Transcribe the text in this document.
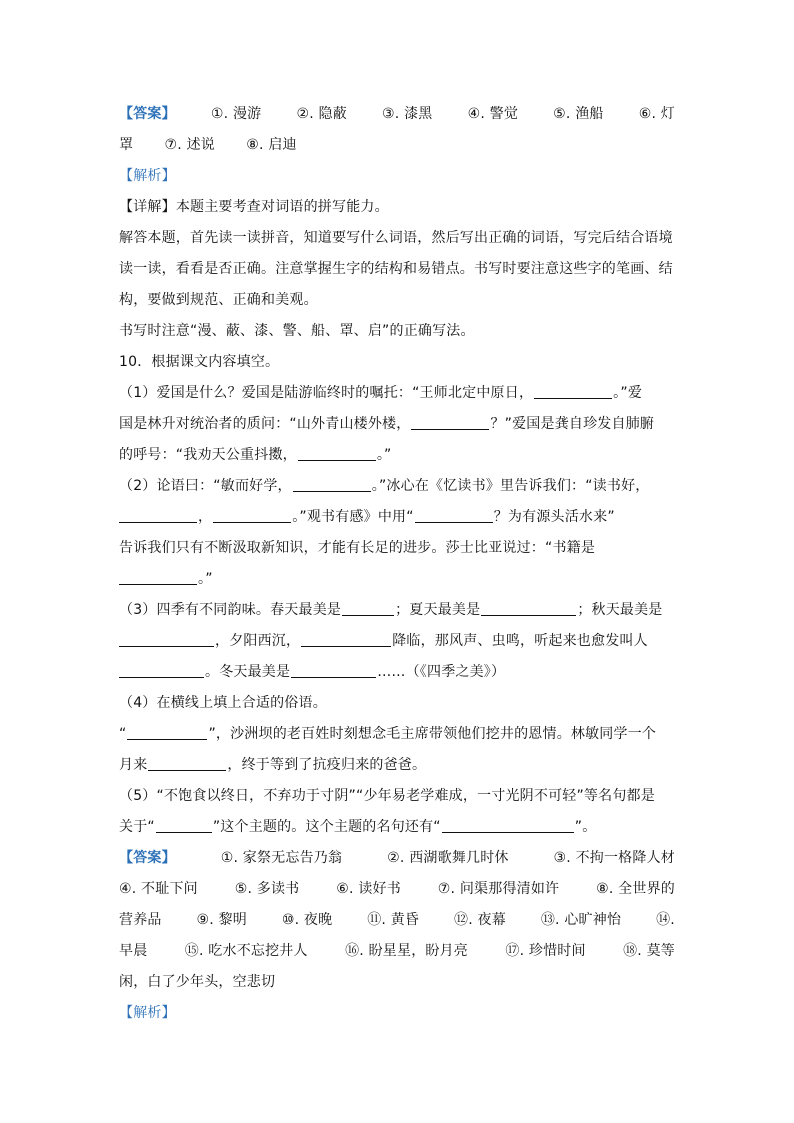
【答案】	①. 漫游	②. 隐蔽	③. 漆黑	④. 警觉	⑤. 渔船	⑥. 灯
罩 ⑦. 述说 ⑧. 启迪
【解析】
【详解】本题主要考查对词语的拼写能力。
解答本题，首先读一读拼音，知道要写什么词语，然后写出正确的词语，写完后结合语境
读一读，看看是否正确。注意掌握生字的结构和易错点。书写时要注意这些字的笔画、结
构，要做到规范、正确和美观。
书写时注意“漫、蔽、漆、警、船、罩、启”的正确写法。
10．根据课文内容填空。
（1）爱国是什么？爱国是陆游临终时的嘱托：“王师北定中原日，	。”爱
国是林升对统治者的质问：“山外青山楼外楼，	？”爱国是龚自珍发自肺腑
的呼号：“我劝天公重抖擞，	。”
（2）论语曰：“敏而好学，	。”冰心在《忆读书》里告诉我们：“读书好，
，	。”观书有感》中用“	？为有源头活水来”
告诉我们只有不断汲取新知识，才能有长足的进步。莎士比亚说过：“书籍是
。”
（3）四季有不同韵味。春天最美是	；夏天最美是	；秋天最美是
，夕阳西沉，	降临，那风声、虫鸣，听起来也愈发叫人
。冬天最美是	……（《四季之美》）
（4）在横线上填上合适的俗语。
“	”，沙洲坝的老百姓时刻想念毛主席带领他们挖井的恩情。林敏同学一个
月来	，终于等到了抗疫归来的爸爸。
（5）“不饱食以终日，不弃功于寸阴”“少年易老学难成，一寸光阴不可轻”等名句都是
关于“	”这个主题的。这个主题的名句还有“	”。
【答案】	①. 家祭无忘告乃翁	②. 西湖歌舞几时休	③. 不拘一格降人材
④. 不耻下问	⑤. 多读书	⑥. 读好书	⑦. 问渠那得清如许	⑧. 全世界的
营养品 ⑨. 黎明 ⑩. 夜晚 ⑪. 黄昏 ⑫. 夜幕 ⑬. 心旷神怡 ⑭.
早晨	⑮. 吃水不忘挖井人	⑯. 盼星星，盼月亮	⑰. 珍惜时间	⑱. 莫等
闲，白了少年头，空悲切
【解析】
